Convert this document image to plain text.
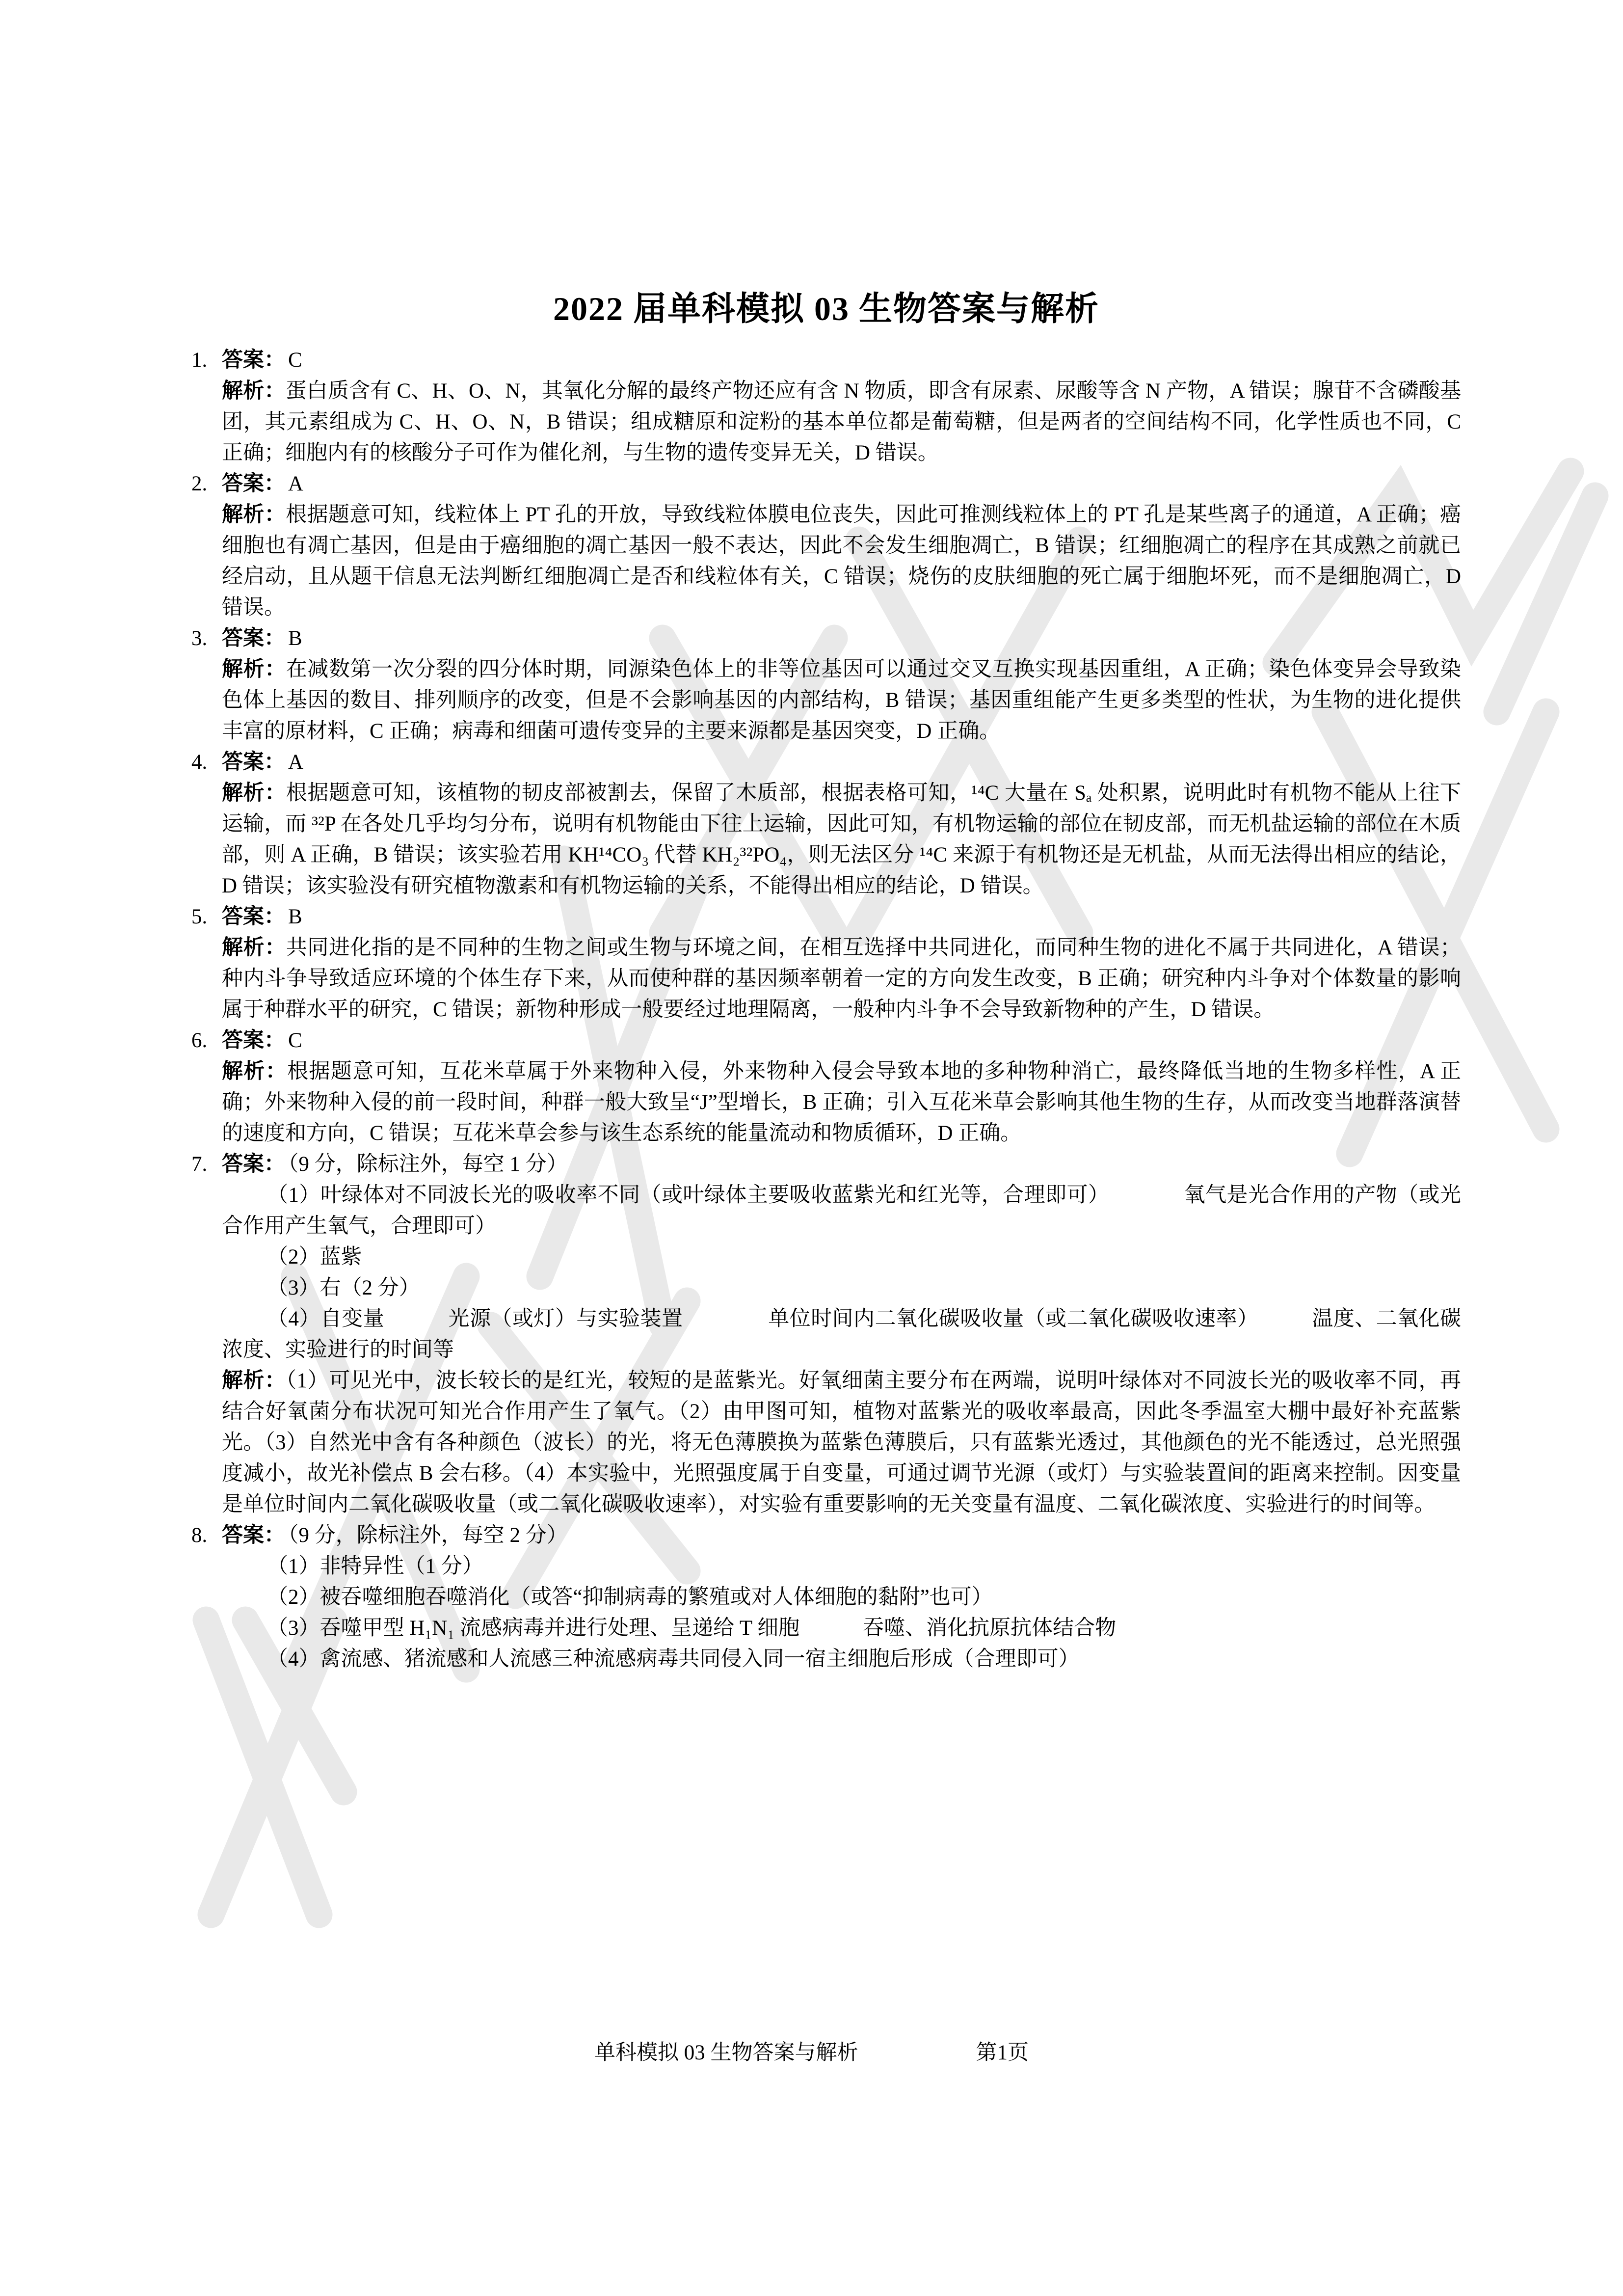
2022 届单科模拟 03 生物答案与解析

1. 答案： C

解析：蛋白质含有 C、H、O、N，其氧化分解的最终产物还应有含 N 物质，即含有尿素、尿酸等含 N 产物，A 错误；腺苷不含磷酸基团，其元素组成为 C、H、O、N，B 错误；组成糖原和淀粉的基本单位都是葡萄糖，但是两者的空间结构不同，化学性质也不同，C 正确；细胞内有的核酸分子可作为催化剂，与生物的遗传变异无关，D 错误。

2. 答案： A

解析：根据题意可知，线粒体上 PT 孔的开放，导致线粒体膜电位丧失，因此可推测线粒体上的 PT 孔是某些离子的通道，A 正确；癌细胞也有凋亡基因，但是由于癌细胞的凋亡基因一般不表达，因此不会发生细胞凋亡，B 错误；红细胞凋亡的程序在其成熟之前就已经启动，且从题干信息无法判断红细胞凋亡是否和线粒体有关，C 错误；烧伤的皮肤细胞的死亡属于细胞坏死，而不是细胞凋亡，D 错误。

3. 答案： B

解析：在减数第一次分裂的四分体时期，同源染色体上的非等位基因可以通过交叉互换实现基因重组，A 正确；染色体变异会导致染色体上基因的数目、排列顺序的改变，但是不会影响基因的内部结构，B 错误；基因重组能产生更多类型的性状，为生物的进化提供丰富的原材料，C 正确；病毒和细菌可遗传变异的主要来源都是基因突变，D 正确。

4. 答案： A

解析：根据题意可知，该植物的韧皮部被割去，保留了木质部，根据表格可知，¹⁴C 大量在 Sₐ 处积累，说明此时有机物不能从上往下运输，而 ³²P 在各处几乎均匀分布，说明有机物能由下往上运输，因此可知，有机物运输的部位在韧皮部，而无机盐运输的部位在木质部，则 A 正确，B 错误；该实验若用 KH¹⁴CO₃ 代替 KH₂³²PO₄，则无法区分 ¹⁴C 来源于有机物还是无机盐，从而无法得出相应的结论，D 错误；该实验没有研究植物激素和有机物运输的关系，不能得出相应的结论，D 错误。

5. 答案： B

解析：共同进化指的是不同种的生物之间或生物与环境之间，在相互选择中共同进化，而同种生物的进化不属于共同进化，A 错误；种内斗争导致适应环境的个体生存下来，从而使种群的基因频率朝着一定的方向发生改变，B 正确；研究种内斗争对个体数量的影响属于种群水平的研究，C 错误；新物种形成一般要经过地理隔离，一般种内斗争不会导致新物种的产生，D 错误。

6. 答案： C

解析：根据题意可知，互花米草属于外来物种入侵，外来物种入侵会导致本地的多种物种消亡，最终降低当地的生物多样性，A 正确；外来物种入侵的前一段时间，种群一般大致呈“J”型增长，B 正确；引入互花米草会影响其他生物的生存，从而改变当地群落演替的速度和方向，C 错误；互花米草会参与该生态系统的能量流动和物质循环，D 正确。

7. 答案： （9 分，除标注外，每空 1 分）

（1）叶绿体对不同波长光的吸收率不同（或叶绿体主要吸收蓝紫光和红光等，合理即可）　　　　氧气是光合作用的产物（或光合作用产生氧气，合理即可）

（2）蓝紫

（3）右（2 分）

（4）自变量　　　光源（或灯）与实验装置　　　　单位时间内二氧化碳吸收量（或二氧化碳吸收速率）　　　温度、二氧化碳浓度、实验进行的时间等

解析：（1）可见光中，波长较长的是红光，较短的是蓝紫光。好氧细菌主要分布在两端，说明叶绿体对不同波长光的吸收率不同，再结合好氧菌分布状况可知光合作用产生了氧气。（2）由甲图可知，植物对蓝紫光的吸收率最高，因此冬季温室大棚中最好补充蓝紫光。（3）自然光中含有各种颜色（波长）的光，将无色薄膜换为蓝紫色薄膜后，只有蓝紫光透过，其他颜色的光不能透过，总光照强度减小，故光补偿点 B 会右移。（4）本实验中，光照强度属于自变量，可通过调节光源（或灯）与实验装置间的距离来控制。因变量是单位时间内二氧化碳吸收量（或二氧化碳吸收速率），对实验有重要影响的无关变量有温度、二氧化碳浓度、实验进行的时间等。

8. 答案： （9 分，除标注外，每空 2 分）

（1）非特异性（1 分）

（2）被吞噬细胞吞噬消化（或答“抑制病毒的繁殖或对人体细胞的黏附”也可）

（3）吞噬甲型 H₁N₁ 流感病毒并进行处理、呈递给 T 细胞　　　吞噬、消化抗原抗体结合物

（4）禽流感、猪流感和人流感三种流感病毒共同侵入同一宿主细胞后形成（合理即可）

单科模拟 03 生物答案与解析	第1页
